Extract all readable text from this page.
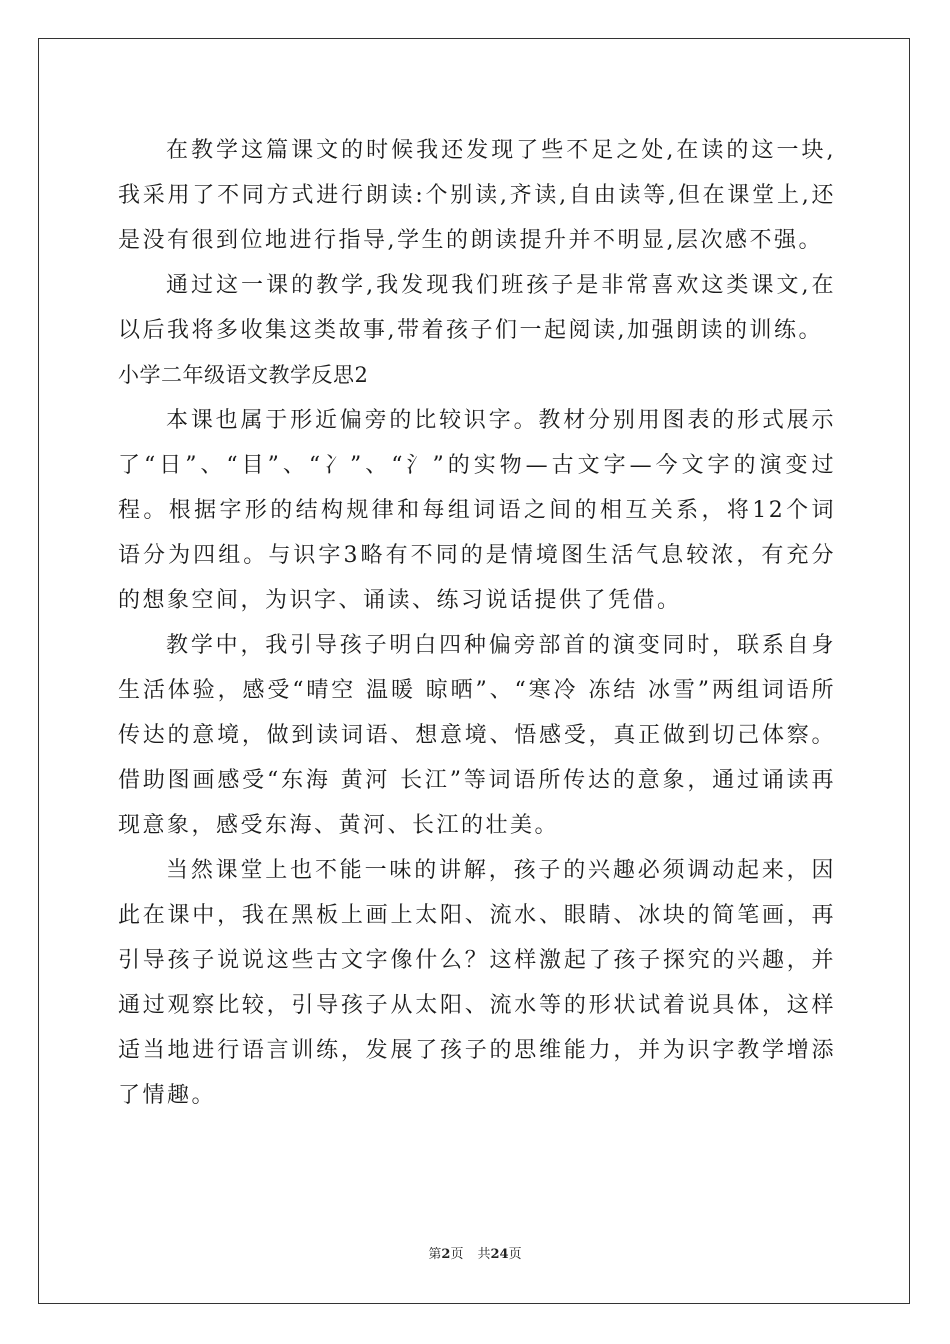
在教学这篇课文的时候我还发现了些不足之处,在读的这一块,我采用了不同方式进行朗读:个别读,齐读,自由读等,但在课堂上,还是没有很到位地进行指导,学生的朗读提升并不明显,层次感不强。

通过这一课的教学,我发现我们班孩子是非常喜欢这类课文,在以后我将多收集这类故事,带着孩子们一起阅读,加强朗读的训练。

小学二年级语文教学反思2

本课也属于形近偏旁的比较识字。教材分别用图表的形式展示了“日”、“目”、“冫”、“氵”的实物—古文字—今文字的演变过程。根据字形的结构规律和每组词语之间的相互关系，将12个词语分为四组。与识字3略有不同的是情境图生活气息较浓，有充分的想象空间，为识字、诵读、练习说话提供了凭借。

教学中，我引导孩子明白四种偏旁部首的演变同时，联系自身生活体验，感受“晴空 温暖 晾晒”、“寒冷 冻结 冰雪”两组词语所传达的意境，做到读词语、想意境、悟感受，真正做到切己体察。借助图画感受“东海 黄河 长江”等词语所传达的意象，通过诵读再现意象，感受东海、黄河、长江的壮美。

当然课堂上也不能一味的讲解，孩子的兴趣必须调动起来，因此在课中，我在黑板上画上太阳、流水、眼睛、冰块的简笔画，再引导孩子说说这些古文字像什么？这样激起了孩子探究的兴趣，并通过观察比较，引导孩子从太阳、流水等的形状试着说具体，这样适当地进行语言训练，发展了孩子的思维能力，并为识字教学增添了情趣。

第2页 共24页
